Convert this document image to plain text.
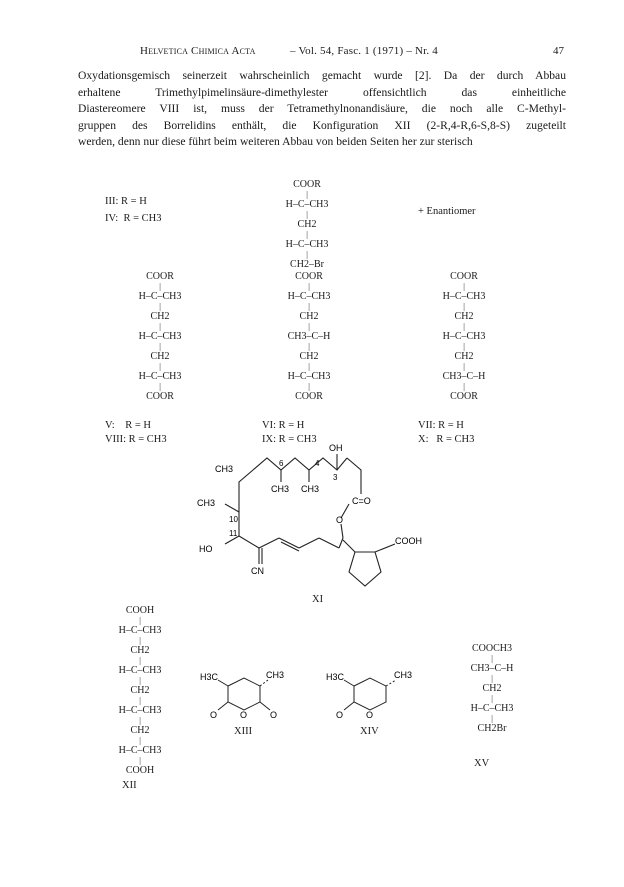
Helvetica Chimica Acta	– Vol. 54, Fasc. 1 (1971) – Nr. 4	47
Oxydationsgemisch seinerzeit wahrscheinlich gemacht wurde [2]. Da der durch Abbau
erhaltene Trimethylpimelinsäure-dimethylester offensichtlich das einheitliche
Diastereomere VIII ist, muss der Tetramethylnonandisäure, die noch alle C-Methyl-
gruppen des Borrelidins enthält, die Konfiguration XII (2-R,4-R,6-S,8-S) zugeteilt
werden, denn nur diese führt beim weiteren Abbau von beiden Seiten her zur sterisch
III: R = H
IV:  R = CH3
COOR
|
H–C–CH3
|
CH2
|
H–C–CH3
|
CH2–Br
+ Enantiomer
COOR
|
H–C–CH3
|
CH2
|
H–C–CH3
|
CH2
|
H–C–CH3
|
COOR
V:    R = H
VIII: R = CH3
COOR
|
H–C–CH3
|
CH2
|
CH3–C–H
|
CH2
|
H–C–CH3
|
COOR
VI: R = H
IX: R = CH3
COOR
|
H–C–CH3
|
CH2
|
H–C–CH3
|
CH2
|
CH3–C–H
|
COOR
VII: R = H
X:   R = CH3
OH
CH3
6	4
3
CH3 CH3
CH3
10
11
C=O
O
HO
CN
COOH
XI
COOH
|
H–C–CH3
|
CH2
|
H–C–CH3
|
CH2
|
H–C–CH3
|
CH2
|
H–C–CH3
|
COOH
XII
H3C	CH3
O	O	O
XIII
H3C	CH3
O	O
XIV
COOCH3
|
CH3–C–H
|
CH2
|
H–C–CH3
|
CH2Br
XV
